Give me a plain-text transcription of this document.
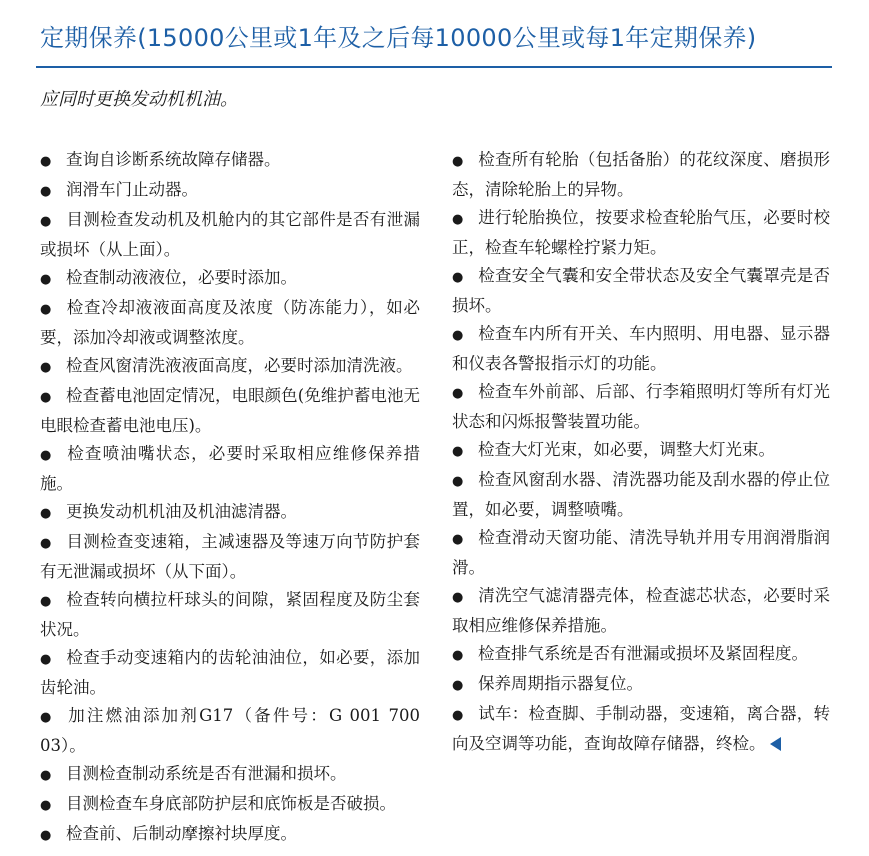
定期保养(15000公里或1年及之后每10000公里或每1年定期保养)
应同时更换发动机机油。
● 查询自诊断系统故障存储器。
● 润滑车门止动器。
● 目测检查发动机及机舱内的其它部件是否有泄漏或损坏（从上面）。
● 检查制动液液位，必要时添加。
● 检查冷却液液面高度及浓度（防冻能力），如必要，添加冷却液或调整浓度。
● 检查风窗清洗液液面高度，必要时添加清洗液。
● 检查蓄电池固定情况，电眼颜色(免维护蓄电池无电眼检查蓄电池电压)。
● 检查喷油嘴状态，必要时采取相应维修保养措施。
● 更换发动机机油及机油滤清器。
● 目测检查变速箱，主减速器及等速万向节防护套有无泄漏或损坏（从下面）。
● 检查转向横拉杆球头的间隙，紧固程度及防尘套状况。
● 检查手动变速箱内的齿轮油油位，如必要，添加齿轮油。
● 加注燃油添加剂G17（备件号：G 001 700 03）。
● 目测检查制动系统是否有泄漏和损坏。
● 目测检查车身底部防护层和底饰板是否破损。
● 检查前、后制动摩擦衬块厚度。
● 检查所有轮胎（包括备胎）的花纹深度、磨损形态，清除轮胎上的异物。
● 进行轮胎换位，按要求检查轮胎气压，必要时校正，检查车轮螺栓拧紧力矩。
● 检查安全气囊和安全带状态及安全气囊罩壳是否损坏。
● 检查车内所有开关、车内照明、用电器、显示器和仪表各警报指示灯的功能。
● 检查车外前部、后部、行李箱照明灯等所有灯光状态和闪烁报警装置功能。
● 检查大灯光束，如必要，调整大灯光束。
● 检查风窗刮水器、清洗器功能及刮水器的停止位置，如必要，调整喷嘴。
● 检查滑动天窗功能、清洗导轨并用专用润滑脂润滑。
● 清洗空气滤清器壳体，检查滤芯状态，必要时采取相应维修保养措施。
● 检查排气系统是否有泄漏或损坏及紧固程度。
● 保养周期指示器复位。
● 试车：检查脚、手制动器，变速箱，离合器，转向及空调等功能，查询故障存储器，终检。
